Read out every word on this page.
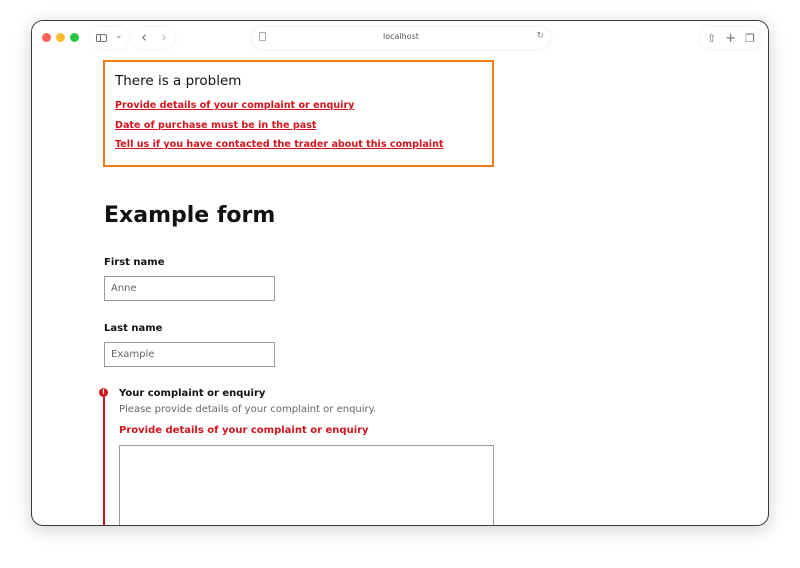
⌄ ‹ ›	localhost	↻	⇧ + ❐
There is a problem
Provide details of your complaint or enquiry
Date of purchase must be in the past
Tell us if you have contacted the trader about this complaint
Example form
First name
Anne
Last name
Example
! Your complaint or enquiry
Please provide details of your complaint or enquiry.
Provide details of your complaint or enquiry
